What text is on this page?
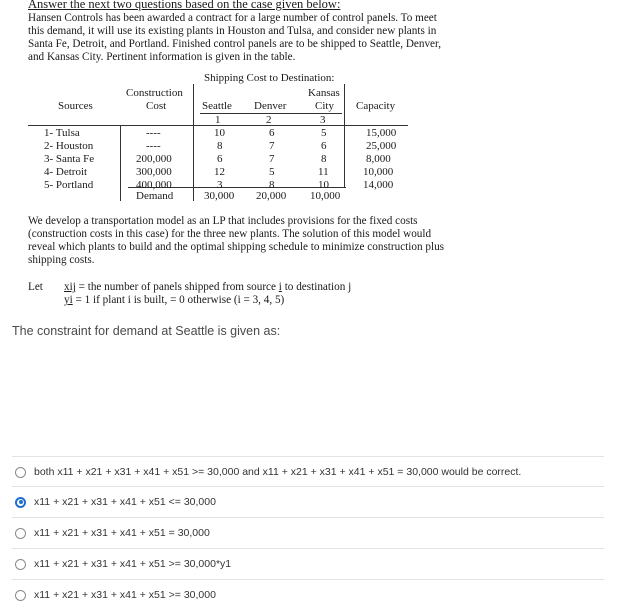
Answer the next two questions based on the case given below:

Hansen Controls has been awarded a contract for a large number of control panels. To meet this demand, it will use its existing plants in Houston and Tulsa, and consider new plants in Santa Fe, Detroit, and Portland. Finished control panels are to be shipped to Seattle, Denver, and Kansas City. Pertinent information is given in the table.

Shipping Cost to Destination:
Construction
Cost
Sources	Seattle Denver
Kansas
City Capacity
1	2	3
1- Tulsa	----	10	6	5	15,000
2- Houston	----	8	7	6	25,000
3- Santa Fe	200,000	6	7	8	8,000
4- Detroit	300,000	12	5	11	10,000
5- Portland	400,000	3	8	10	14,000
Demand	30,000 20,000 10,000

We develop a transportation model as an LP that includes provisions for the fixed costs (construction costs in this case) for the three new plants. The solution of this model would reveal which plants to build and the optimal shipping schedule to minimize construction plus shipping costs.

Let xij = the number of panels shipped from source i to destination j
yi = 1 if plant i is built, = 0 otherwise (i = 3, 4, 5)
The constraint for demand at Seattle is given as:
both x11 + x21 + x31 + x41 + x51 >= 30,000 and x11 + x21 + x31 + x41 + x51 = 30,000 would be correct.
x11 + x21 + x31 + x41 + x51 <= 30,000
x11 + x21 + x31 + x41 + x51 = 30,000
x11 + x21 + x31 + x41 + x51 >= 30,000*y1
x11 + x21 + x31 + x41 + x51 >= 30,000
